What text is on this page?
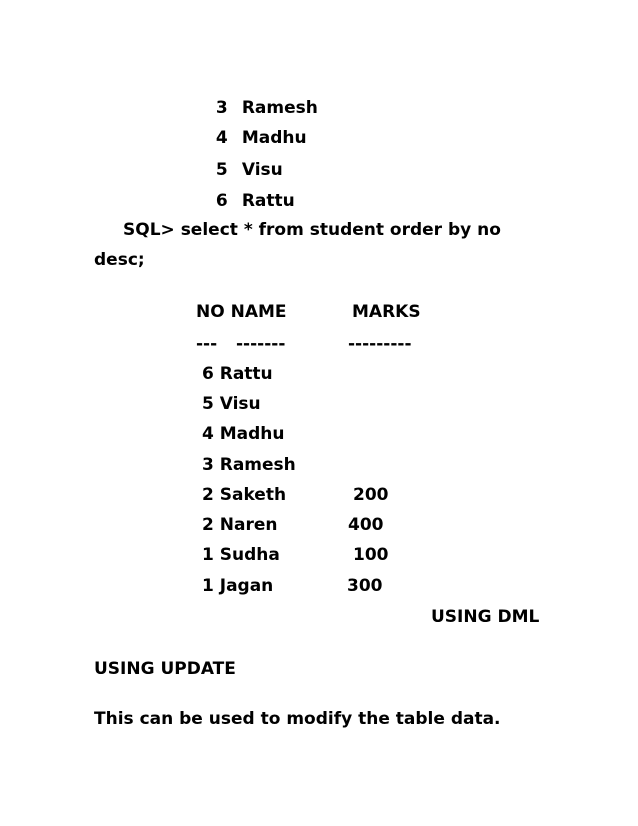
3 Ramesh

4 Madhu

5 Visu

6 Rattu

SQL> select * from student order by no
desc;
NO NAME	MARKS
--- -------	---------
6 Rattu
5 Visu
4 Madhu
3 Ramesh
2 Saketh	200
2 Naren	400
1 Sudha	100
1 Jagan	300
USING DML
USING UPDATE
This can be used to modify the table data.
